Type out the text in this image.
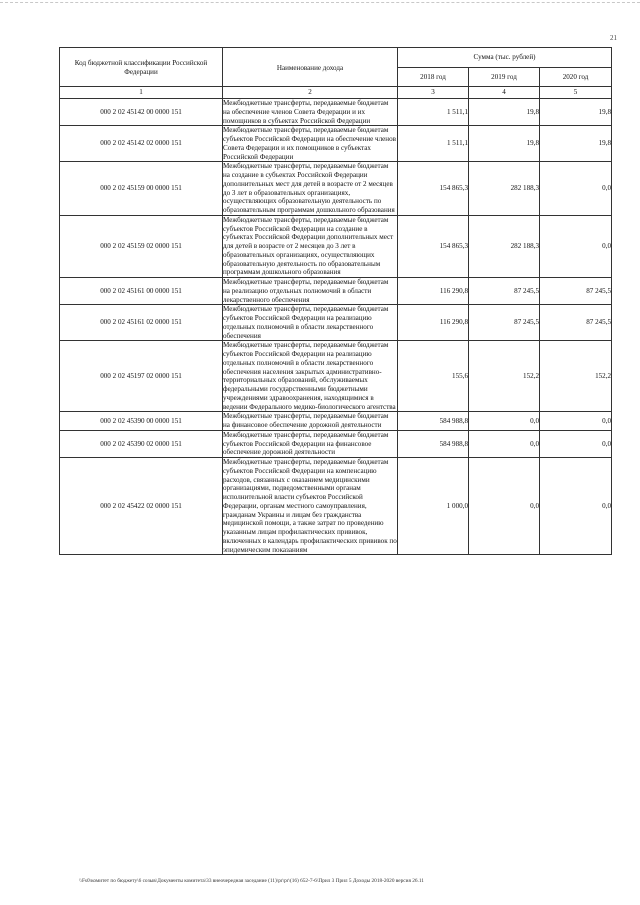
21
Код бюджетной классификации Российской Федерации	Наименование дохода	Сумма (тыс. рублей)		
		2018 год	2019 год	2020 год
1	2	3	4	5
000 2 02 45142 00 0000 151	Межбюджетные трансферты, передаваемые бюджетам на обеспечение членов Совета Федерации и их помощников в субъектах Российской Федерации	1 511,1	19,8	19,8
000 2 02 45142 02 0000 151	Межбюджетные трансферты, передаваемые бюджетам субъектов Российской Федерации на обеспечение членов Совета Федерации и их помощников в субъектах Российской Федерации	1 511,1	19,8	19,8
000 2 02 45159 00 0000 151	Межбюджетные трансферты, передаваемые бюджетам на создание в субъектах Российской Федерации дополнительных мест для детей в возрасте от 2 месяцев до 3 лет в образовательных организациях, осуществляющих образовательную деятельность по образовательным программам дошкольного образования	154 865,3	282 188,3	0,0
000 2 02 45159 02 0000 151	Межбюджетные трансферты, передаваемые бюджетам субъектов Российской Федерации на создание в субъектах Российской Федерации дополнительных мест для детей в возрасте от 2 месяцев до 3 лет в образовательных организациях, осуществляющих образовательную деятельность по образовательным программам дошкольного образования	154 865,3	282 188,3	0,0
000 2 02 45161 00 0000 151	Межбюджетные трансферты, передаваемые бюджетам на реализацию отдельных полномочий в области лекарственного обеспечения	116 290,8	87 245,5	87 245,5
000 2 02 45161 02 0000 151	Межбюджетные трансферты, передаваемые бюджетам субъектов Российской Федерации на реализацию отдельных полномочий в области лекарственного обеспечения	116 290,8	87 245,5	87 245,5
000 2 02 45197 02 0000 151	Межбюджетные трансферты, передаваемые бюджетам субъектов Российской Федерации на реализацию отдельных полномочий в области лекарственного обеспечения населения закрытых административно-территориальных образований, обслуживаемых федеральными государственными бюджетными учреждениями здравоохранения, находящимися в ведении Федерального медико-биологического агентства	155,6	152,2	152,2
000 2 02 45390 00 0000 151	Межбюджетные трансферты, передаваемые бюджетам на финансовое обеспечение дорожной деятельности	584 988,8	0,0	0,0
000 2 02 45390 02 0000 151	Межбюджетные трансферты, передаваемые бюджетам субъектов Российской Федерации на финансовое обеспечение дорожной деятельности	584 988,8	0,0	0,0
000 2 02 45422 02 0000 151	Межбюджетные трансферты, передаваемые бюджетам субъектов Российской Федерации на компенсацию расходов, связанных с оказанием медицинскими организациями, подведомственными органам исполнительной власти субъектов Российской Федерации, органам местного самоуправления, гражданам Украины и лицам без гражданства медицинской помощи, а также затрат по проведению указанным лицам профилактических прививок, включенных в календарь профилактических прививок по эпидемическим показаниям	1 000,0	0,0	0,0
\\Fs0\комитет по бюджету\6 созыв\Документы комитета\33 внеочередная заседание (11)\pr\pr\(16) 652-7-6\Прил 3 Прил 5 Доходы 2018-2020 версия 26.11
